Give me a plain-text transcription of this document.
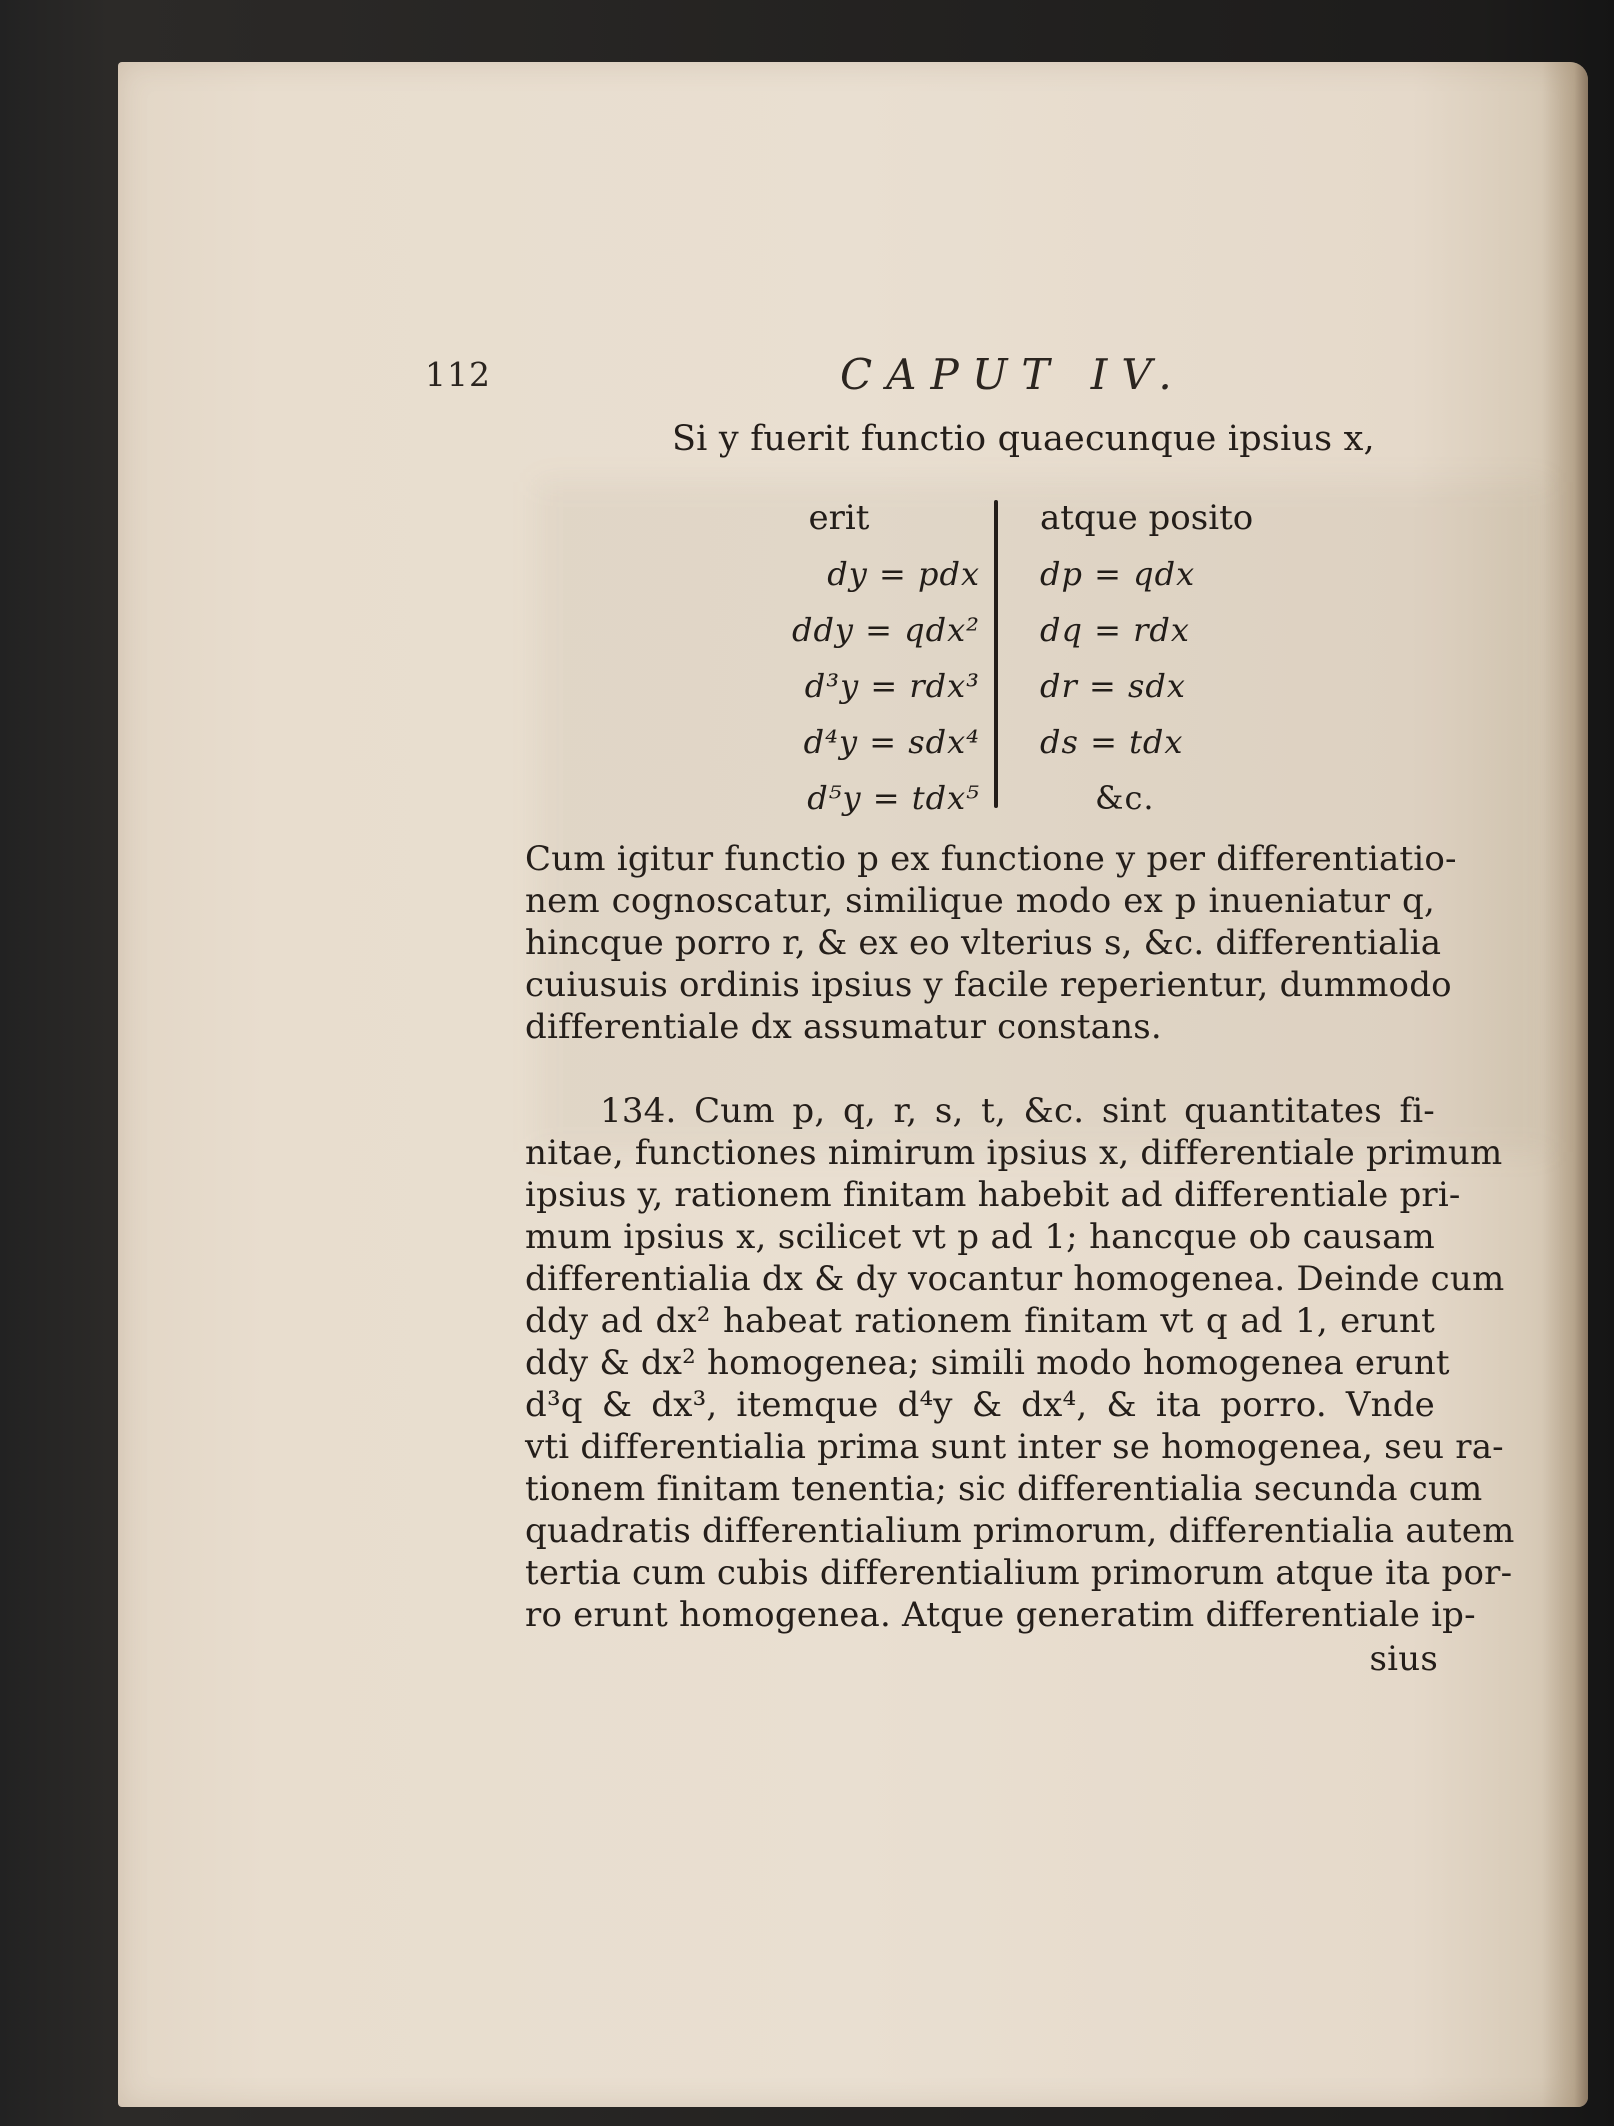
112	CAPUT IV.
Si y fuerit functio quaecunque ipsius x,
erit
dy = pdx
ddy = qdx²
d³y = rdx³
d⁴y = sdx⁴
d⁵y = tdx⁵
atque posito
dp = qdx
dq = rdx
dr = sdx
ds = tdx
&c.
Cum igitur functio p ex functione y per differentiatio-
nem cognoscatur, similique modo ex p inueniatur q,
hincque porro r, & ex eo vlterius s, &c. differentialia
cuiusuis ordinis ipsius y facile reperientur, dummodo
differentiale dx assumatur constans.
134. Cum p, q, r, s, t, &c. sint quantitates fi-
nitae, functiones nimirum ipsius x, differentiale primum
ipsius y, rationem finitam habebit ad differentiale pri-
mum ipsius x, scilicet vt p ad 1; hancque ob causam
differentialia dx & dy vocantur homogenea. Deinde cum
ddy ad dx² habeat rationem finitam vt q ad 1, erunt
ddy & dx² homogenea; simili modo homogenea erunt
d³q & dx³, itemque d⁴y & dx⁴, & ita porro. Vnde
vti differentialia prima sunt inter se homogenea, seu ra-
tionem finitam tenentia; sic differentialia secunda cum
quadratis differentialium primorum, differentialia autem
tertia cum cubis differentialium primorum atque ita por-
ro erunt homogenea. Atque generatim differentiale ip-
sius
